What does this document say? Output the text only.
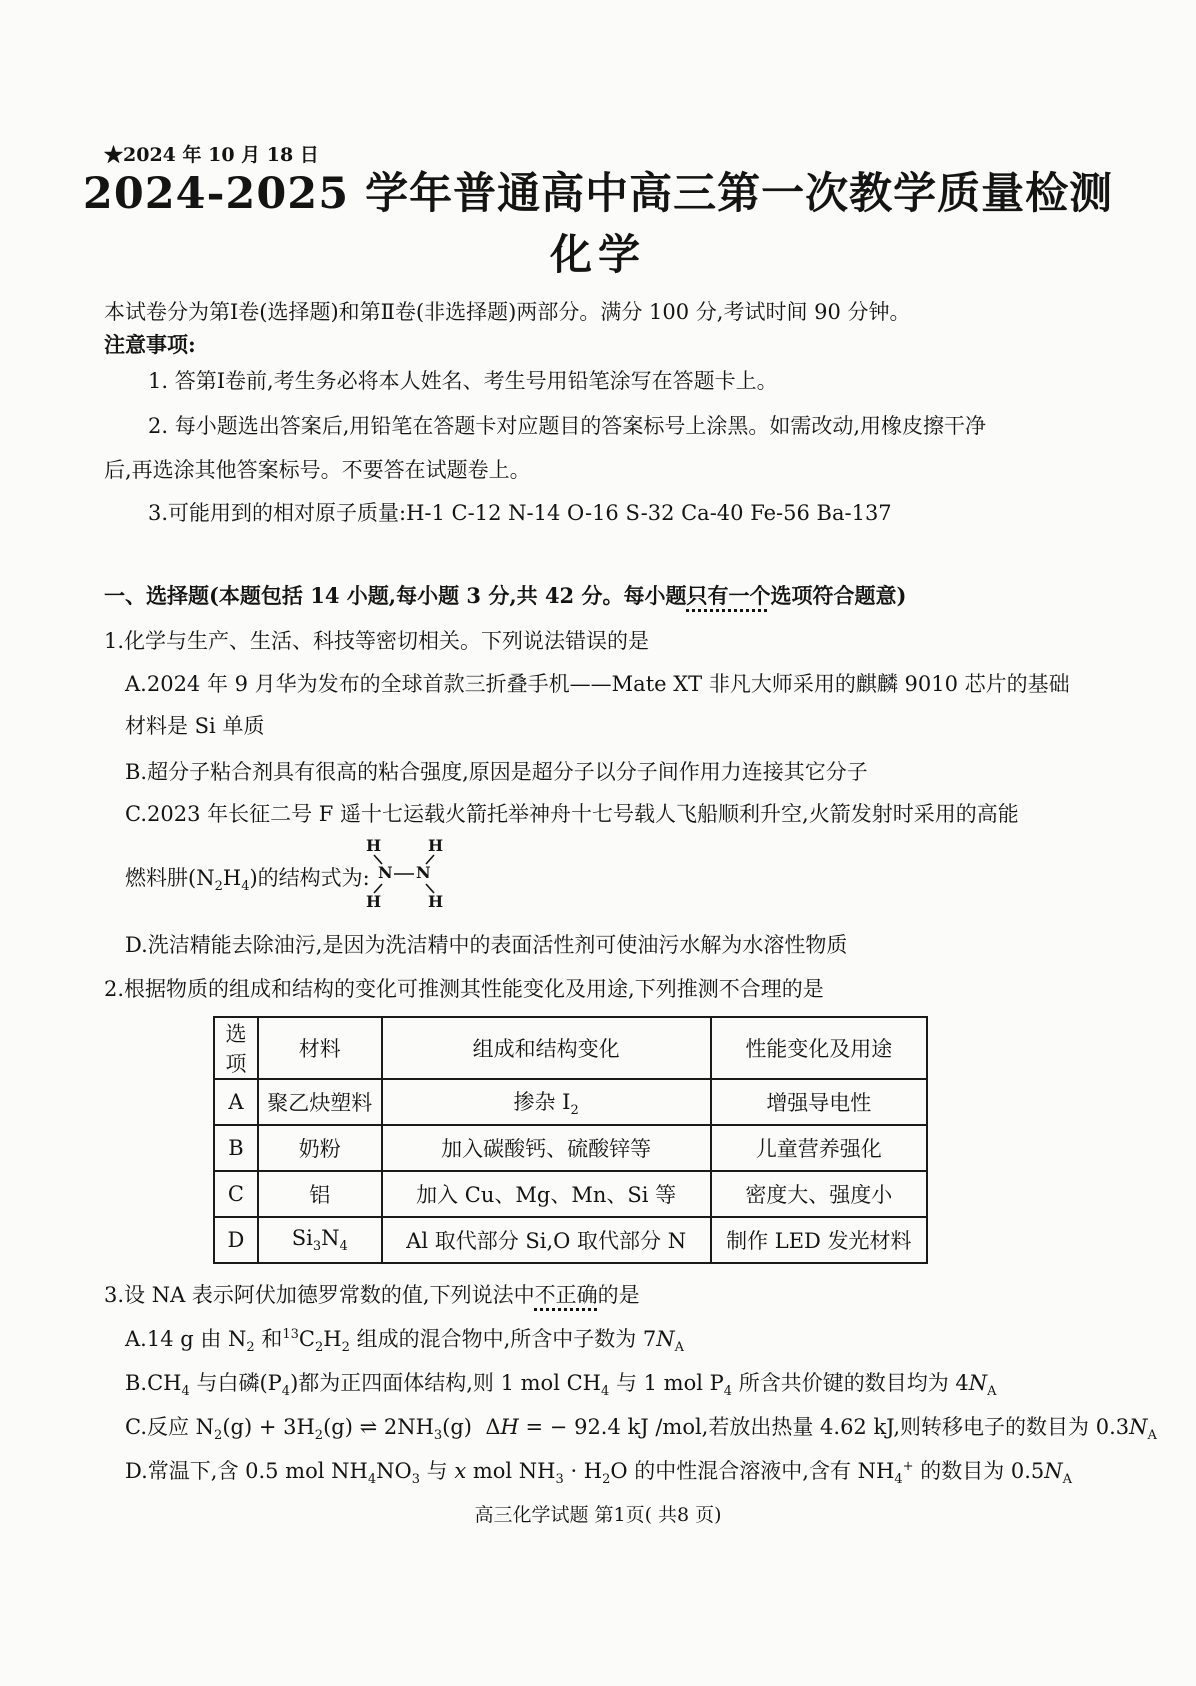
★2024 年 10 月 18 日
2024-2025 学年普通高中高三第一次教学质量检测
化学
本试卷分为第Ⅰ卷(选择题)和第Ⅱ卷(非选择题)两部分。满分 100 分,考试时间 90 分钟。
注意事项:
1. 答第Ⅰ卷前,考生务必将本人姓名、考生号用铅笔涂写在答题卡上。
2. 每小题选出答案后,用铅笔在答题卡对应题目的答案标号上涂黑。如需改动,用橡皮擦干净
后,再选涂其他答案标号。不要答在试题卷上。
3.可能用到的相对原子质量:H-1 C-12 N-14 O-16 S-32 Ca-40 Fe-56 Ba-137
一、选择题(本题包括 14 小题,每小题 3 分,共 42 分。每小题只有一个选项符合题意)
1.化学与生产、生活、科技等密切相关。下列说法错误的是
A.2024 年 9 月华为发布的全球首款三折叠手机——Mate XT 非凡大师采用的麒麟 9010 芯片的基础
材料是 Si 单质
B.超分子粘合剂具有很高的粘合强度,原因是超分子以分子间作用力连接其它分子
C.2023 年长征二号 F 遥十七运载火箭托举神舟十七号载人飞船顺利升空,火箭发射时采用的高能
燃料肼$(N_2H_4)$的结构式为:
H	H
N N
H	H
D.洗洁精能去除油污,是因为洗洁精中的表面活性剂可使油污水解为水溶性物质
2.根据物质的组成和结构的变化可推测其性能变化及用途,下列推测不合理的是
选项	材料	组成和结构变化	性能变化及用途
A	聚乙炔塑料	掺杂 $I_2$	增强导电性
B	奶粉	加入碳酸钙、硫酸锌等	儿童营养强化
C	铝	加入 Cu、Mg、Mn、Si 等	密度大、强度小
D	$Si_3N_4$	Al 取代部分 Si,O 取代部分 N	制作 LED 发光材料
3.设 NA 表示阿伏加德罗常数的值,下列说法中不正确的是
A.14 g 由 $N_2$ 和$^{13}C_2H_2$ 组成的混合物中,所含中子数为 $7N_A$
$B.CH_4$ 与白磷$(P_4)$都为正四面体结构,则 1 mol $CH_4$ 与 1 mol $P_4$ 所含共价键的数目均为 $4N_A$
C.反应 $N_2(g) + 3H_2(g)$ ⇌ $2NH_3(g) \Delta H$ = − 92.4 kJ /mol,若放出热量 4.62 kJ,则转移电子的数目为 $0.3N_A$
D.常温下,含 0.5 mol $NH_4NO_3$ 与 x mol $NH_3 \cdot H_2O$ 的中性混合溶液中,含有 $NH_4^+$ 的数目为 $0.5N_A$
高三化学试题 第1页( 共8 页)
